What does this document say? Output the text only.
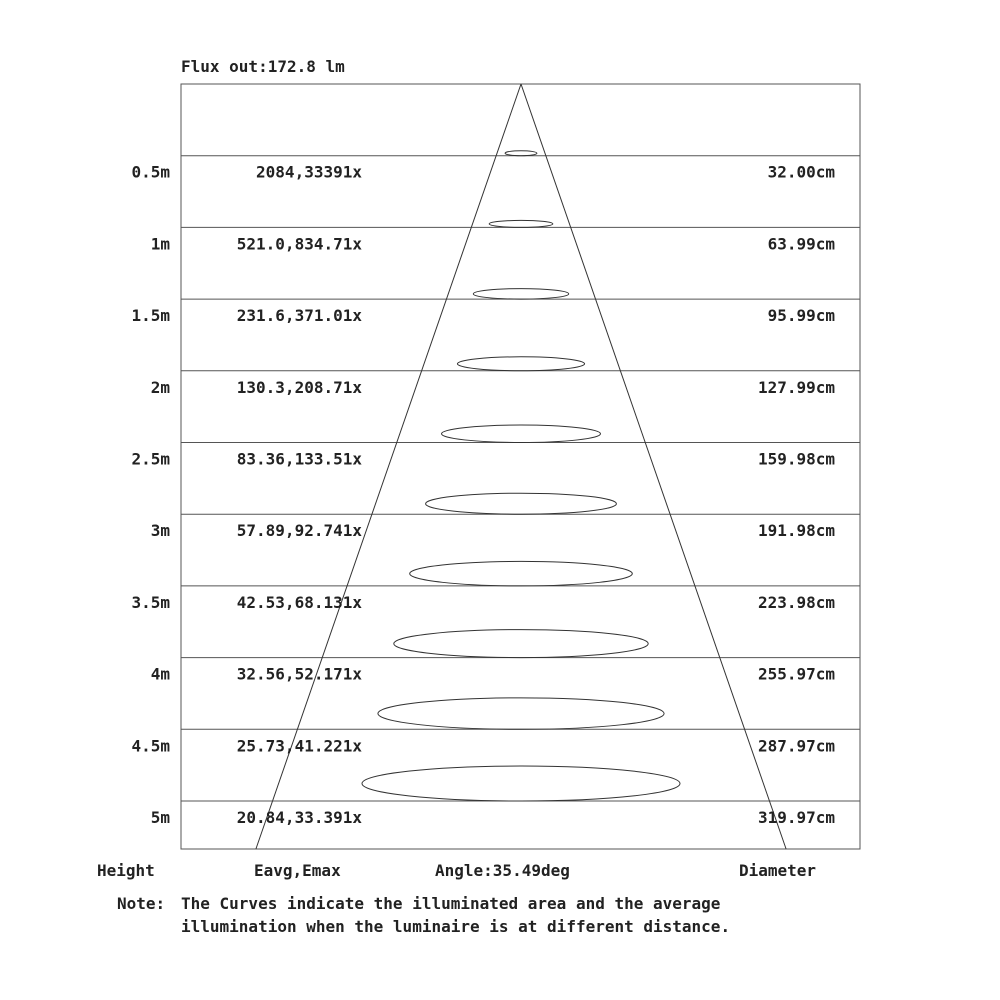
Flux out:172.8 lm
0.5m	2084,33391x	32.00cm
1m	521.0,834.71x	63.99cm
1.5m	231.6,371.01x	95.99cm
2m	130.3,208.71x	127.99cm
2.5m	83.36,133.51x	159.98cm
3m	57.89,92.741x	191.98cm
3.5m	42.53,68.131x	223.98cm
4m	32.56,52.171x	255.97cm
4.5m	25.73,41.221x	287.97cm
5m	20.84,33.391x	319.97cm
Height	Eavg,Emax	Angle:35.49deg	Diameter
Note: The Curves indicate the illuminated area and the average
illumination when the luminaire is at different distance.
